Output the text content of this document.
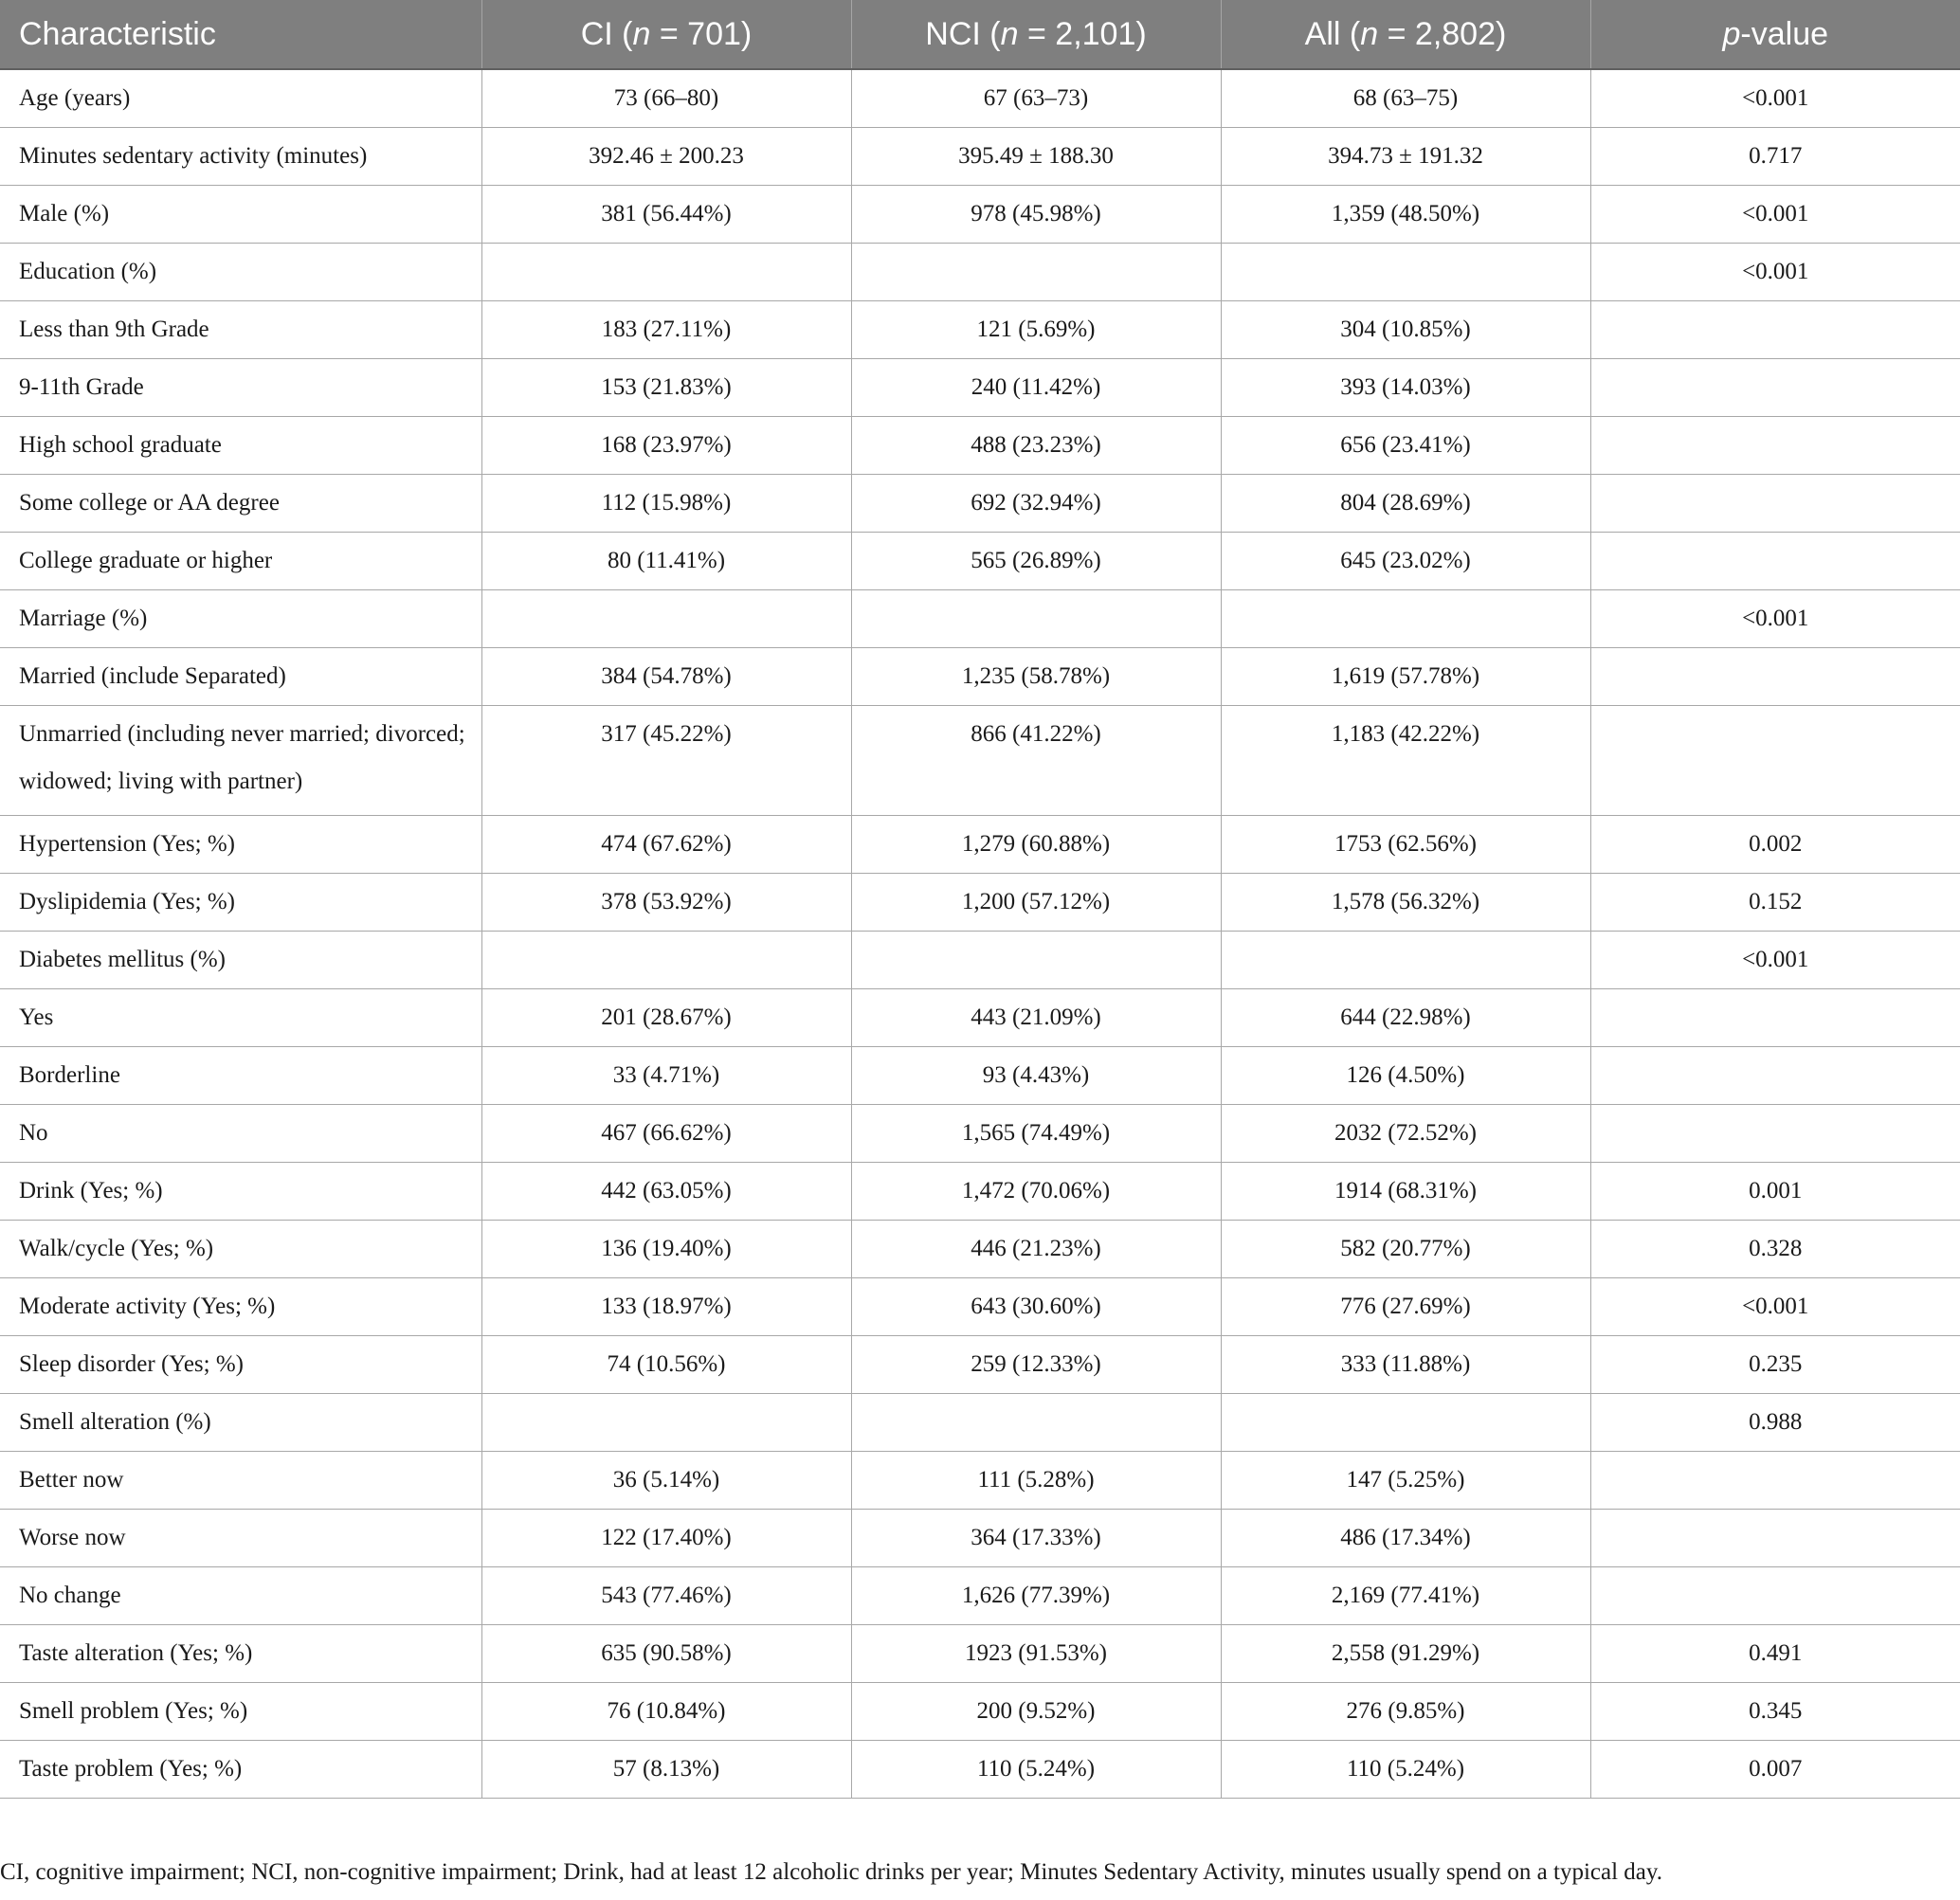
Characteristic	CI (n = 701)	NCI (n = 2,101)	All (n = 2,802)	p-value
Age (years)	73 (66–80)	67 (63–73)	68 (63–75)	<0.001
Minutes sedentary activity (minutes)	392.46 ± 200.23	395.49 ± 188.30	394.73 ± 191.32	0.717
Male (%)	381 (56.44%)	978 (45.98%)	1,359 (48.50%)	<0.001
Education (%)				<0.001
Less than 9th Grade	183 (27.11%)	121 (5.69%)	304 (10.85%)	
9-11th Grade	153 (21.83%)	240 (11.42%)	393 (14.03%)	
High school graduate	168 (23.97%)	488 (23.23%)	656 (23.41%)	
Some college or AA degree	112 (15.98%)	692 (32.94%)	804 (28.69%)	
College graduate or higher	80 (11.41%)	565 (26.89%)	645 (23.02%)	
Marriage (%)				<0.001
Married (include Separated)	384 (54.78%)	1,235 (58.78%)	1,619 (57.78%)	
Unmarried (including never married; divorced; widowed; living with partner)	317 (45.22%)	866 (41.22%)	1,183 (42.22%)	
Hypertension (Yes; %)	474 (67.62%)	1,279 (60.88%)	1753 (62.56%)	0.002
Dyslipidemia (Yes; %)	378 (53.92%)	1,200 (57.12%)	1,578 (56.32%)	0.152
Diabetes mellitus (%)				<0.001
Yes	201 (28.67%)	443 (21.09%)	644 (22.98%)	
Borderline	33 (4.71%)	93 (4.43%)	126 (4.50%)	
No	467 (66.62%)	1,565 (74.49%)	2032 (72.52%)	
Drink (Yes; %)	442 (63.05%)	1,472 (70.06%)	1914 (68.31%)	0.001
Walk/cycle (Yes; %)	136 (19.40%)	446 (21.23%)	582 (20.77%)	0.328
Moderate activity (Yes; %)	133 (18.97%)	643 (30.60%)	776 (27.69%)	<0.001
Sleep disorder (Yes; %)	74 (10.56%)	259 (12.33%)	333 (11.88%)	0.235
Smell alteration (%)				0.988
Better now	36 (5.14%)	111 (5.28%)	147 (5.25%)	
Worse now	122 (17.40%)	364 (17.33%)	486 (17.34%)	
No change	543 (77.46%)	1,626 (77.39%)	2,169 (77.41%)	
Taste alteration (Yes; %)	635 (90.58%)	1923 (91.53%)	2,558 (91.29%)	0.491
Smell problem (Yes; %)	76 (10.84%)	200 (9.52%)	276 (9.85%)	0.345
Taste problem (Yes; %)	57 (8.13%)	110 (5.24%)	110 (5.24%)	0.007
CI, cognitive impairment; NCI, non-cognitive impairment; Drink, had at least 12 alcoholic drinks per year; Minutes Sedentary Activity, minutes usually spend on a typical day.
